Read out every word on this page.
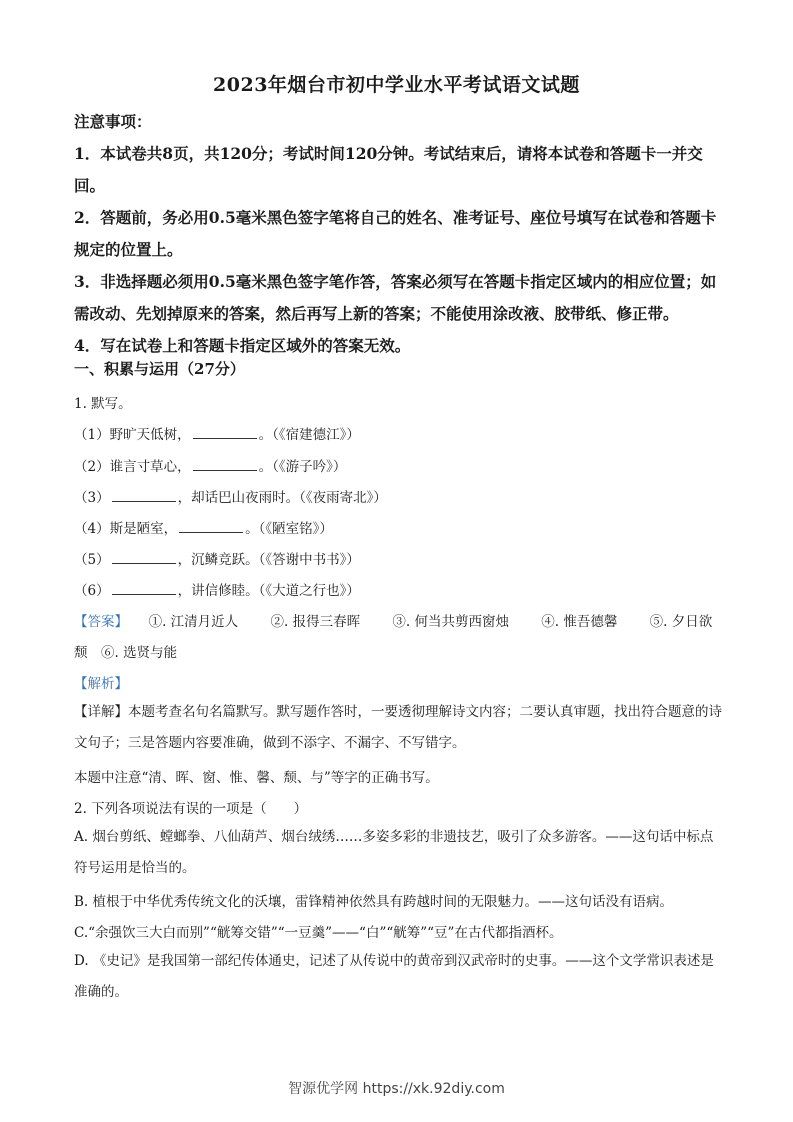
2023年烟台市初中学业水平考试语文试题

注意事项：

1．本试卷共8页，共120分；考试时间120分钟。考试结束后，请将本试卷和答题卡一并交回。

2．答题前，务必用0.5毫米黑色签字笔将自己的姓名、准考证号、座位号填写在试卷和答题卡规定的位置上。

3．非选择题必须用0.5毫米黑色签字笔作答，答案必须写在答题卡指定区域内的相应位置；如需改动、先划掉原来的答案，然后再写上新的答案；不能使用涂改液、胶带纸、修正带。

4．写在试卷上和答题卡指定区域外的答案无效。

一、积累与运用（27分）
1. 默写。
（1）野旷天低树，	。（《宿建德江》）
（2）谁言寸草心，	。（《游子吟》）
（3）	，却话巴山夜雨时。（《夜雨寄北》）
（4）斯是陋室，	。（《陋室铭》）
（5）	，沉鳞竞跃。（《答谢中书书》）
（6）	，讲信修睦。（《大道之行也》）
【答案】 ①. 江清月近人 ②. 报得三春晖 ③. 何当共剪西窗烛 ④. 惟吾德馨 ⑤. 夕日欲
颓　⑥. 选贤与能
【解析】
【详解】本题考查名句名篇默写。默写题作答时，一要透彻理解诗文内容；二要认真审题，找出符合题意的诗文句子；三是答题内容要准确，做到不添字、不漏字、不写错字。
本题中注意“清、晖、窗、惟、馨、颓、与”等字的正确书写。
2. 下列各项说法有误的一项是（　　）
A. 烟台剪纸、螳螂拳、八仙葫芦、烟台绒绣……多姿多彩的非遗技艺，吸引了众多游客。——这句话中标点符号运用是恰当的。
B. 植根于中华优秀传统文化的沃壤，雷锋精神依然具有跨越时间的无限魅力。——这句话没有语病。
C.“余强饮三大白而别”“觥筹交错”“一豆羹”——“白”“觥筹”“豆”在古代都指酒杯。
D. 《史记》是我国第一部纪传体通史，记述了从传说中的黄帝到汉武帝时的史事。——这个文学常识表述是准确的。
智源优学网 https://xk.92diy.com
